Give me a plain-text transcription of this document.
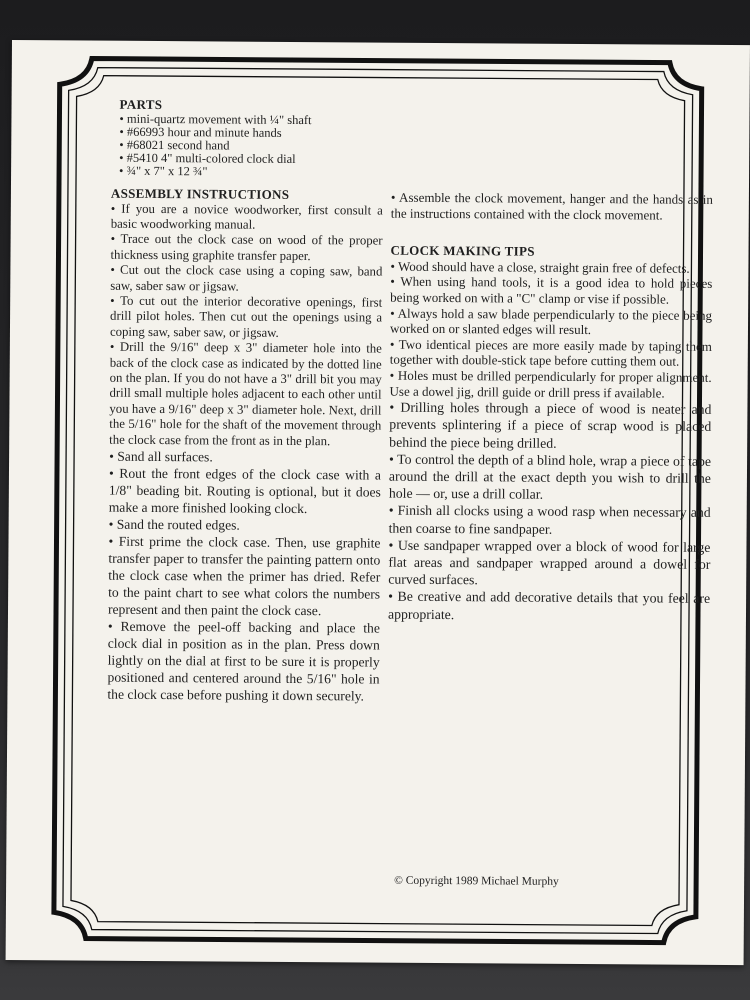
PARTS

• mini-quartz movement with ¼" shaft
• #66993 hour and minute hands
• #68021 second hand
• #5410 4" multi-colored clock dial
• ¾" x 7" x 12 ¾"

ASSEMBLY INSTRUCTIONS

• If you are a novice woodworker, first consult a basic woodworking manual.

• Trace out the clock case on wood of the proper thickness using graphite transfer paper.

• Cut out the clock case using a coping saw, band saw, saber saw or jigsaw.

• To cut out the interior decorative openings, first drill pilot holes. Then cut out the openings using a coping saw, saber saw, or jigsaw.

• Drill the 9/16" deep x 3" diameter hole into the back of the clock case as indicated by the dotted line on the plan. If you do not have a 3" drill bit you may drill small multiple holes adjacent to each other until you have a 9/16" deep x 3" diameter hole. Next, drill the 5/16" hole for the shaft of the movement through the clock case from the front as in the plan.

• Sand all surfaces.

• Rout the front edges of the clock case with a 1/8" beading bit. Routing is optional, but it does make a more finished looking clock.

• Sand the routed edges.

• First prime the clock case. Then, use graphite transfer paper to transfer the painting pattern onto the clock case when the primer has dried. Refer to the paint chart to see what colors the numbers represent and then paint the clock case.

• Remove the peel-off backing and place the clock dial in position as in the plan. Press down lightly on the dial at first to be sure it is properly positioned and centered around the 5/16" hole in the clock case before pushing it down securely.

• Assemble the clock movement, hanger and the hands as in the instructions contained with the clock movement.

CLOCK MAKING TIPS

• Wood should have a close, straight grain free of defects.

• When using hand tools, it is a good idea to hold pieces being worked on with a "C" clamp or vise if possible.

• Always hold a saw blade perpendicularly to the piece being worked on or slanted edges will result.

• Two identical pieces are more easily made by taping them together with double-stick tape before cutting them out.

• Holes must be drilled perpendicularly for proper alignment. Use a dowel jig, drill guide or drill press if available.

• Drilling holes through a piece of wood is neater and prevents splintering if a piece of scrap wood is placed behind the piece being drilled.

• To control the depth of a blind hole, wrap a piece of tape around the drill at the exact depth you wish to drill the hole — or, use a drill collar.

• Finish all clocks using a wood rasp when necessary and then coarse to fine sandpaper.

• Use sandpaper wrapped over a block of wood for large flat areas and sandpaper wrapped around a dowel for curved surfaces.

• Be creative and add decorative details that you feel are appropriate.

© Copyright 1989 Michael Murphy
